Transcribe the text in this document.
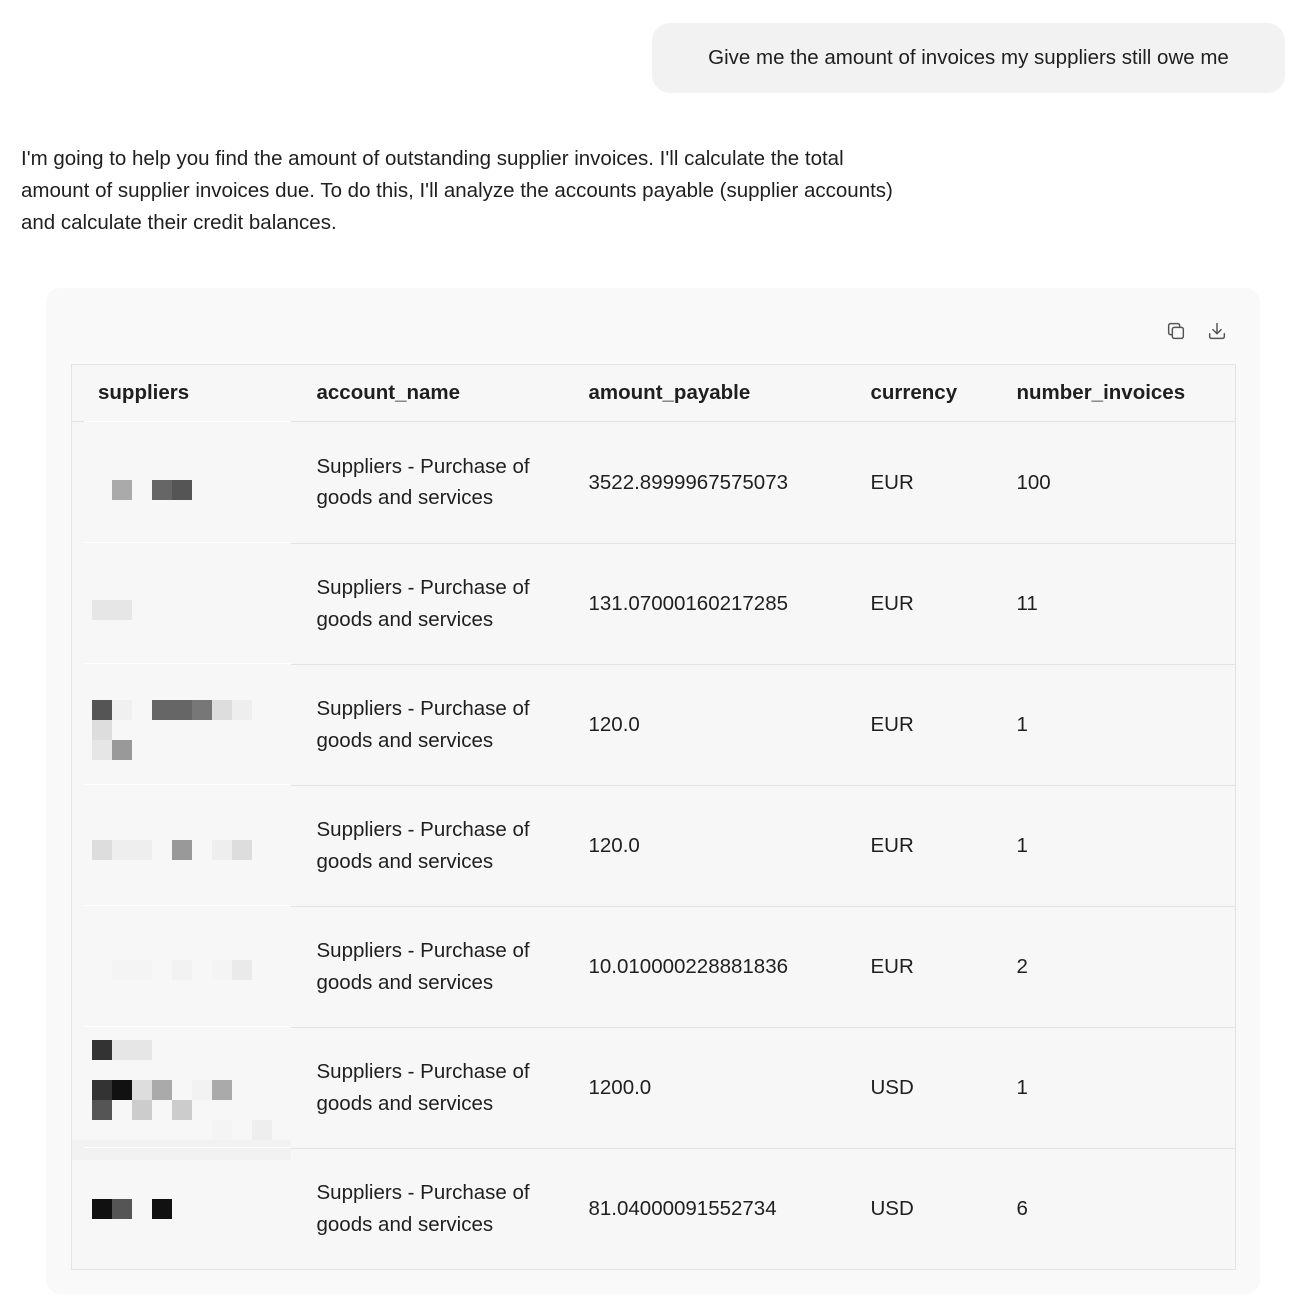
Give me the amount of invoices my suppliers still owe me

I'm going to help you find the amount of outstanding supplier invoices. I'll calculate the total
amount of supplier invoices due. To do this, I'll analyze the accounts payable (supplier accounts)
and calculate their credit balances.

suppliers	account_name	amount_payable	currency	number_invoices

	Suppliers - Purchase of goods and services	3522.8999967575073	EUR	100

	Suppliers - Purchase of goods and services	131.07000160217285	EUR	11

	Suppliers - Purchase of goods and services	120.0	EUR	1

	Suppliers - Purchase of goods and services	120.0	EUR	1

	Suppliers - Purchase of goods and services	10.010000228881836	EUR	2

	Suppliers - Purchase of goods and services	1200.0	USD	1

	Suppliers - Purchase of goods and services	81.04000091552734	USD	6
